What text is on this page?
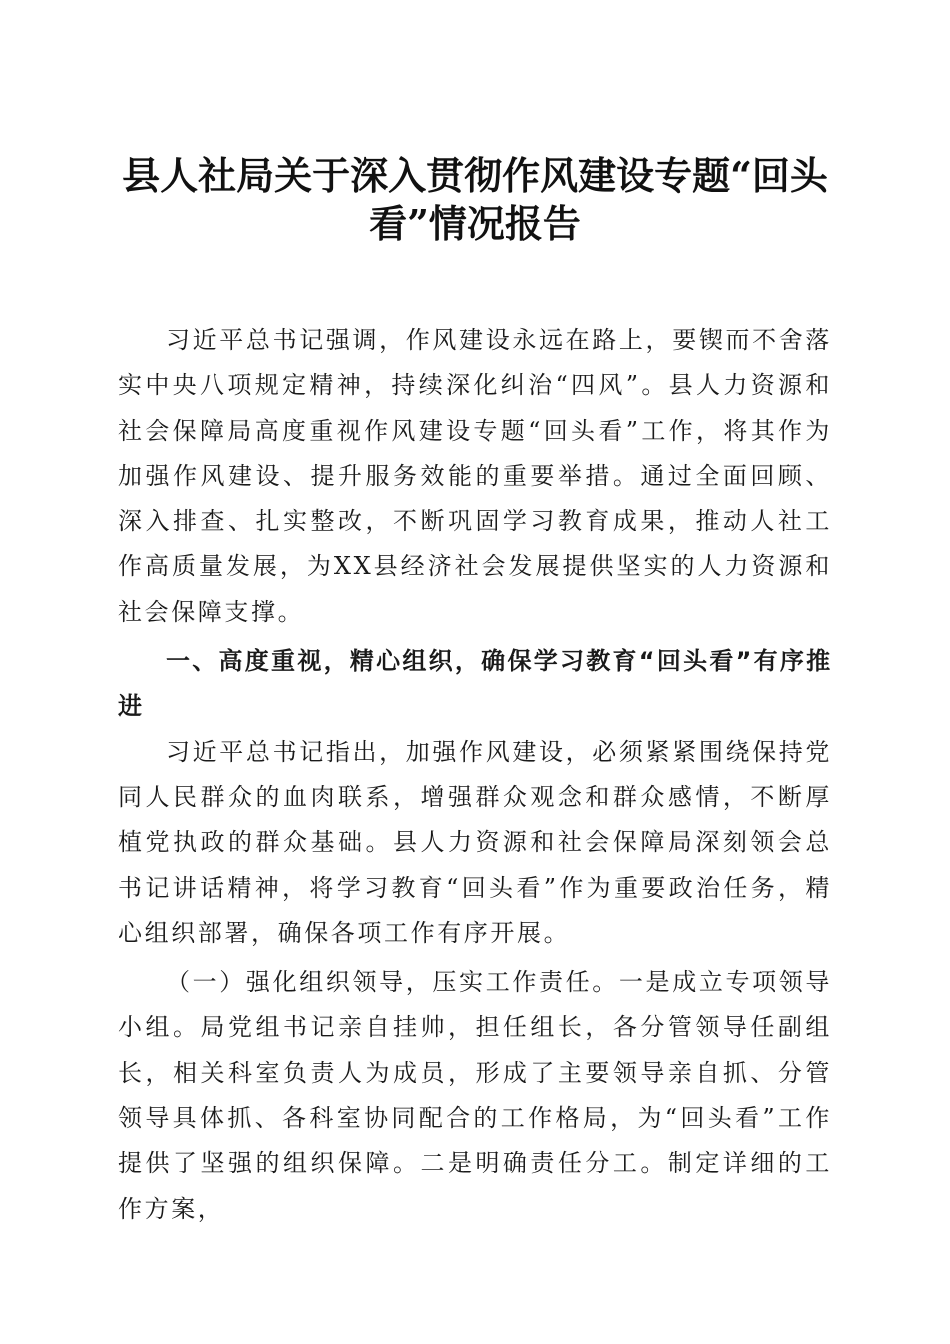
县人社局关于深入贯彻作风建设专题“回头看”情况报告

习近平总书记强调，作风建设永远在路上，要锲而不舍落实中央八项规定精神，持续深化纠治“四风”。县人力资源和社会保障局高度重视作风建设专题“回头看”工作，将其作为加强作风建设、提升服务效能的重要举措。通过全面回顾、深入排查、扎实整改，不断巩固学习教育成果，推动人社工作高质量发展，为XX县经济社会发展提供坚实的人力资源和社会保障支撑。

一、高度重视，精心组织，确保学习教育“回头看”有序推进

习近平总书记指出，加强作风建设，必须紧紧围绕保持党同人民群众的血肉联系，增强群众观念和群众感情，不断厚植党执政的群众基础。县人力资源和社会保障局深刻领会总书记讲话精神，将学习教育“回头看”作为重要政治任务，精心组织部署，确保各项工作有序开展。

（一）强化组织领导，压实工作责任。一是成立专项领导小组。局党组书记亲自挂帅，担任组长，各分管领导任副组长，相关科室负责人为成员，形成了主要领导亲自抓、分管领导具体抓、各科室协同配合的工作格局，为“回头看”工作提供了坚强的组织保障。二是明确责任分工。制定详细的工作方案，
